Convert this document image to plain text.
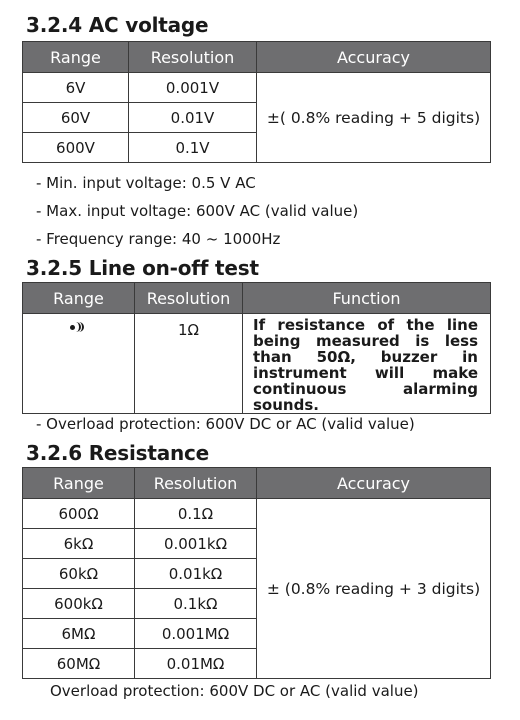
3.2.4 AC voltage
Range	Resolution	Accuracy
6V	0.001V	±( 0.8% reading + 5 digits)
60V	0.01V	
600V	0.1V	
- Min. input voltage: 0.5 V AC
- Max. input voltage: 600V AC (valid value)
- Frequency range: 40 ~ 1000Hz
3.2.5 Line on-off test
Range	Resolution	Function

	1Ω	If resistance of the line being measured is less than 50Ω, buzzer in instrument will make continuous alarming sounds.
- Overload protection: 600V DC or AC (valid value)
3.2.6 Resistance
Range	Resolution	Accuracy
600Ω	0.1Ω	± (0.8% reading + 3 digits)
6kΩ	0.001kΩ	
60kΩ	0.01kΩ	
600kΩ	0.1kΩ	
6MΩ	0.001MΩ	
60MΩ	0.01MΩ	
Overload protection: 600V DC or AC (valid value)
